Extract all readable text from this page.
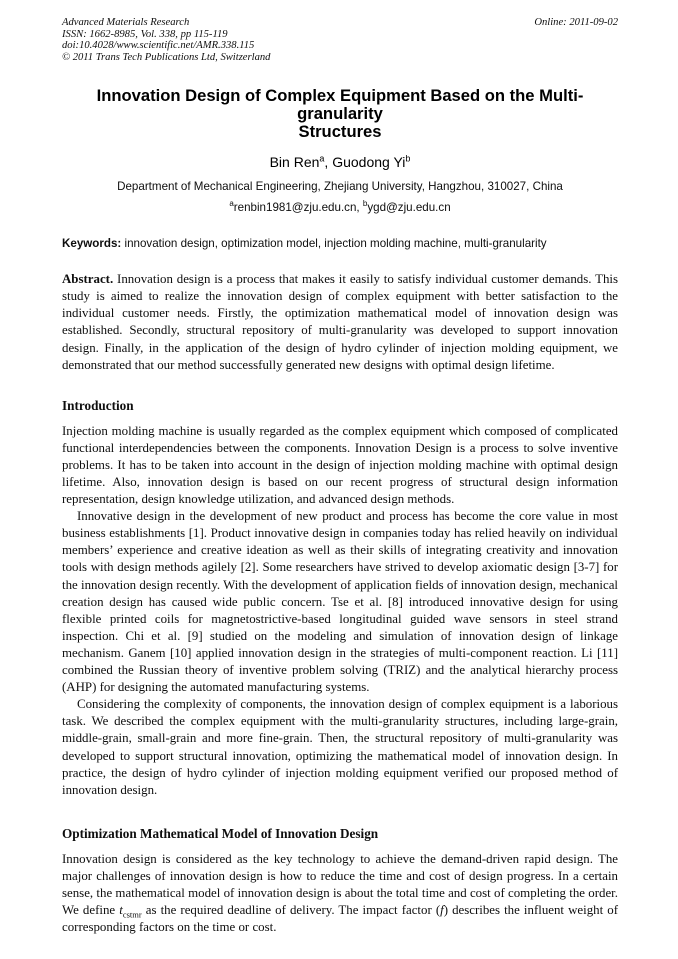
Advanced Materials Research
ISSN: 1662-8985, Vol. 338, pp 115-119
doi:10.4028/www.scientific.net/AMR.338.115
© 2011 Trans Tech Publications Ltd, Switzerland
Online: 2011-09-02
Innovation Design of Complex Equipment Based on the Multi-granularity
Structures
Bin Ren$^a$, Guodong Yi$^b$
Department of Mechanical Engineering, Zhejiang University, Hangzhou, 310027, China
$^a$renbin1981@zju.edu.cn, $^b$ygd@zju.edu.cn

Keywords: innovation design, optimization model, injection molding machine, multi-granularity

Abstract. Innovation design is a process that makes it easily to satisfy individual customer demands. This study is aimed to realize the innovation design of complex equipment with better satisfaction to the individual customer needs. Firstly, the optimization mathematical model of innovation design was established. Secondly, structural repository of multi-granularity was developed to support innovation design. Finally, in the application of the design of hydro cylinder of injection molding equipment, we demonstrated that our method successfully generated new designs with optimal design lifetime.

Introduction

Injection molding machine is usually regarded as the complex equipment which composed of complicated functional interdependencies between the components. Innovation Design is a process to solve inventive problems. It has to be taken into account in the design of injection molding machine with optimal design lifetime. Also, innovation design is based on our recent progress of structural design information representation, design knowledge utilization, and advanced design methods.

Innovative design in the development of new product and process has become the core value in most business establishments [1]. Product innovative design in companies today has relied heavily on individual members’ experience and creative ideation as well as their skills of integrating creativity and innovation tools with design methods agilely [2]. Some researchers have strived to develop axiomatic design [3-7] for the innovation design recently. With the development of application fields of innovation design, mechanical creation design has caused wide public concern. Tse et al. [8] introduced innovative design for using flexible printed coils for magnetostrictive-based longitudinal guided wave sensors in steel strand inspection. Chi et al. [9] studied on the modeling and simulation of innovation design of linkage mechanism. Ganem [10] applied innovation design in the strategies of multi-component reaction. Li [11] combined the Russian theory of inventive problem solving (TRIZ) and the analytical hierarchy process (AHP) for designing the automated manufacturing systems.

Considering the complexity of components, the innovation design of complex equipment is a laborious task. We described the complex equipment with the multi-granularity structures, including large-grain, middle-grain, small-grain and more fine-grain. Then, the structural repository of multi-granularity was developed to support structural innovation, optimizing the mathematical model of innovation design. In practice, the design of hydro cylinder of injection molding equipment verified our proposed method of innovation design.

Optimization Mathematical Model of Innovation Design

Innovation design is considered as the key technology to achieve the demand-driven rapid design. The major challenges of innovation design is how to reduce the time and cost of design progress. In a certain sense, the mathematical model of innovation design is about the total time and cost of completing the order. We define $t_{cstmr}$ as the required deadline of delivery. The impact factor (f) describes the influent weight of corresponding factors on the time or cost.
